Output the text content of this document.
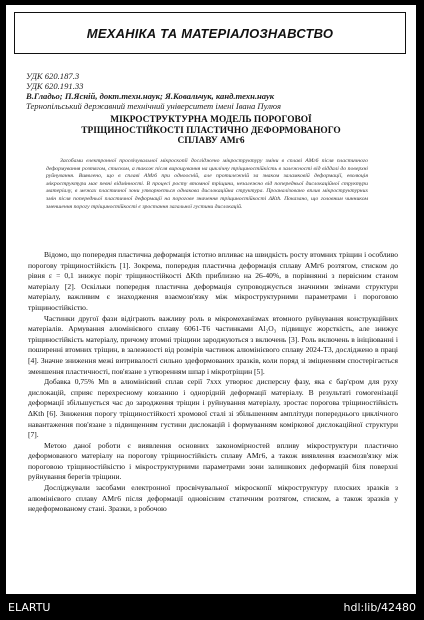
МЕХАНІКА ТА МАТЕРІАЛОЗНАВСТВО
УДК 620.187.3
УДК 620.191.33
В.Гладьо; П.Ясній, докт.техн.наук; Я.Ковальчук, канд.техн.наук
Тернопільський державний технічний університет імені Івана Пулюя
МІКРОСТРУКТУРНА МОДЕЛЬ ПОРОГОВОЇ
ТРІЩИНОСТІЙКОСТІ ПЛАСТИЧНО ДЕФОРМОВАНОГО
СПЛАВУ АМг6
Засобами електронної просвічувальної мікроскопії досліджено мікроструктуру зміни в сплаві АМг6 після пластичного деформування розтягом, стиском, а також після вирощування на циклічну тріщиностійкість в залежності від віддалі до поверхні руйнування. Виявлено, що в сплаві АМг6 при одноосній, але протилежній за знаком заламковій деформації, еволюція мікроструктури має певні відмінності. В процесі росту втомної тріщини, незалежно від попередньої дислокаційної структури матеріалу, в межах пластичної зони утворюється однакова дислокаційна структура. Проаналізовано вплив мікроструктурних змін після попередньої пластичної деформації на порогове значення тріщиностійкості ΔKth. Показано, що головним чинником зменшення порогу тріщиностійкості є зростання загальної густини дислокацій.

Відомо, що попередня пластична деформація істотно впливає на швидкість росту втомних тріщин і особливо порогову тріщиностійкість [1]. Зокрема, попередня пластична деформація сплаву АМг6 розтягом, стиском до рівня ε = 0,1 знижує поріг тріщиностійкості ΔKth приблизно на 26-40%, в порівнянні з первісним станом матеріалу [2]. Оскільки попередня пластична деформація супроводжується значними змінами структури матеріалу, важливим є знаходження взаємозв'язку між мікроструктурними параметрами і пороговою тріщиностійкістю.

Частинки другої фази відіграють важливу роль в мікромеханізмах втомного руйнування конструкційних матеріалів. Армування алюмінієвого сплаву 6061-Т6 частинками Al₂O₃ підвищує жорсткість, але знижує тріщиностійкість матеріалу, причому втомні тріщини зароджуються з включень [3]. Роль включень в ініціюванні і поширенні втомних тріщин, в залежності від розмірів частинок алюмінієвого сплаву 2024-Т3, досліджено в праці [4]. Значне зниження межі витривалості сильно здеформованих зразків, коли поряд зі зміцненням спостерігається зменшення пластичності, пов'язане з утворенням шпар і мікротріщин [5].

Добавка 0,75% Мn в алюмінієвий сплав серії 7ххх утворює дисперсну фазу, яка є бар'єром для руху дислокацій, сприяє перехресному ковзанню і однорідній деформації матеріалу. В результаті гомогенізації деформації збільшується час до зародження тріщин і руйнування матеріалу, зростає порогова тріщиностійкість ΔKth [6]. Зниження порогу тріщиностійкості хромової сталі зі збільшенням амплітуди попереднього циклічного навантаження пов'язане з підвищенням густини дислокацій і формуванням коміркової дислокаційної структури [7].

Метою даної роботи є виявлення основних закономірностей впливу мікроструктури пластично деформованого матеріалу на порогову тріщиностійкість сплаву АМг6, а також виявлення взаємозв'язку між пороговою тріщиностійкістю і мікроструктурними параметрами зони залишкових деформацій біля поверхні руйнування берегів тріщини.

Досліджували засобами електронної просвічувальної мікроскопії мікроструктуру плоских зразків з алюмінієвого сплаву АМг6 після деформації одновісним статичним розтягом, стиском, а також зразків у недеформованому стані. Зразки, з робочою

ELARTU	hdl:lib/42480
